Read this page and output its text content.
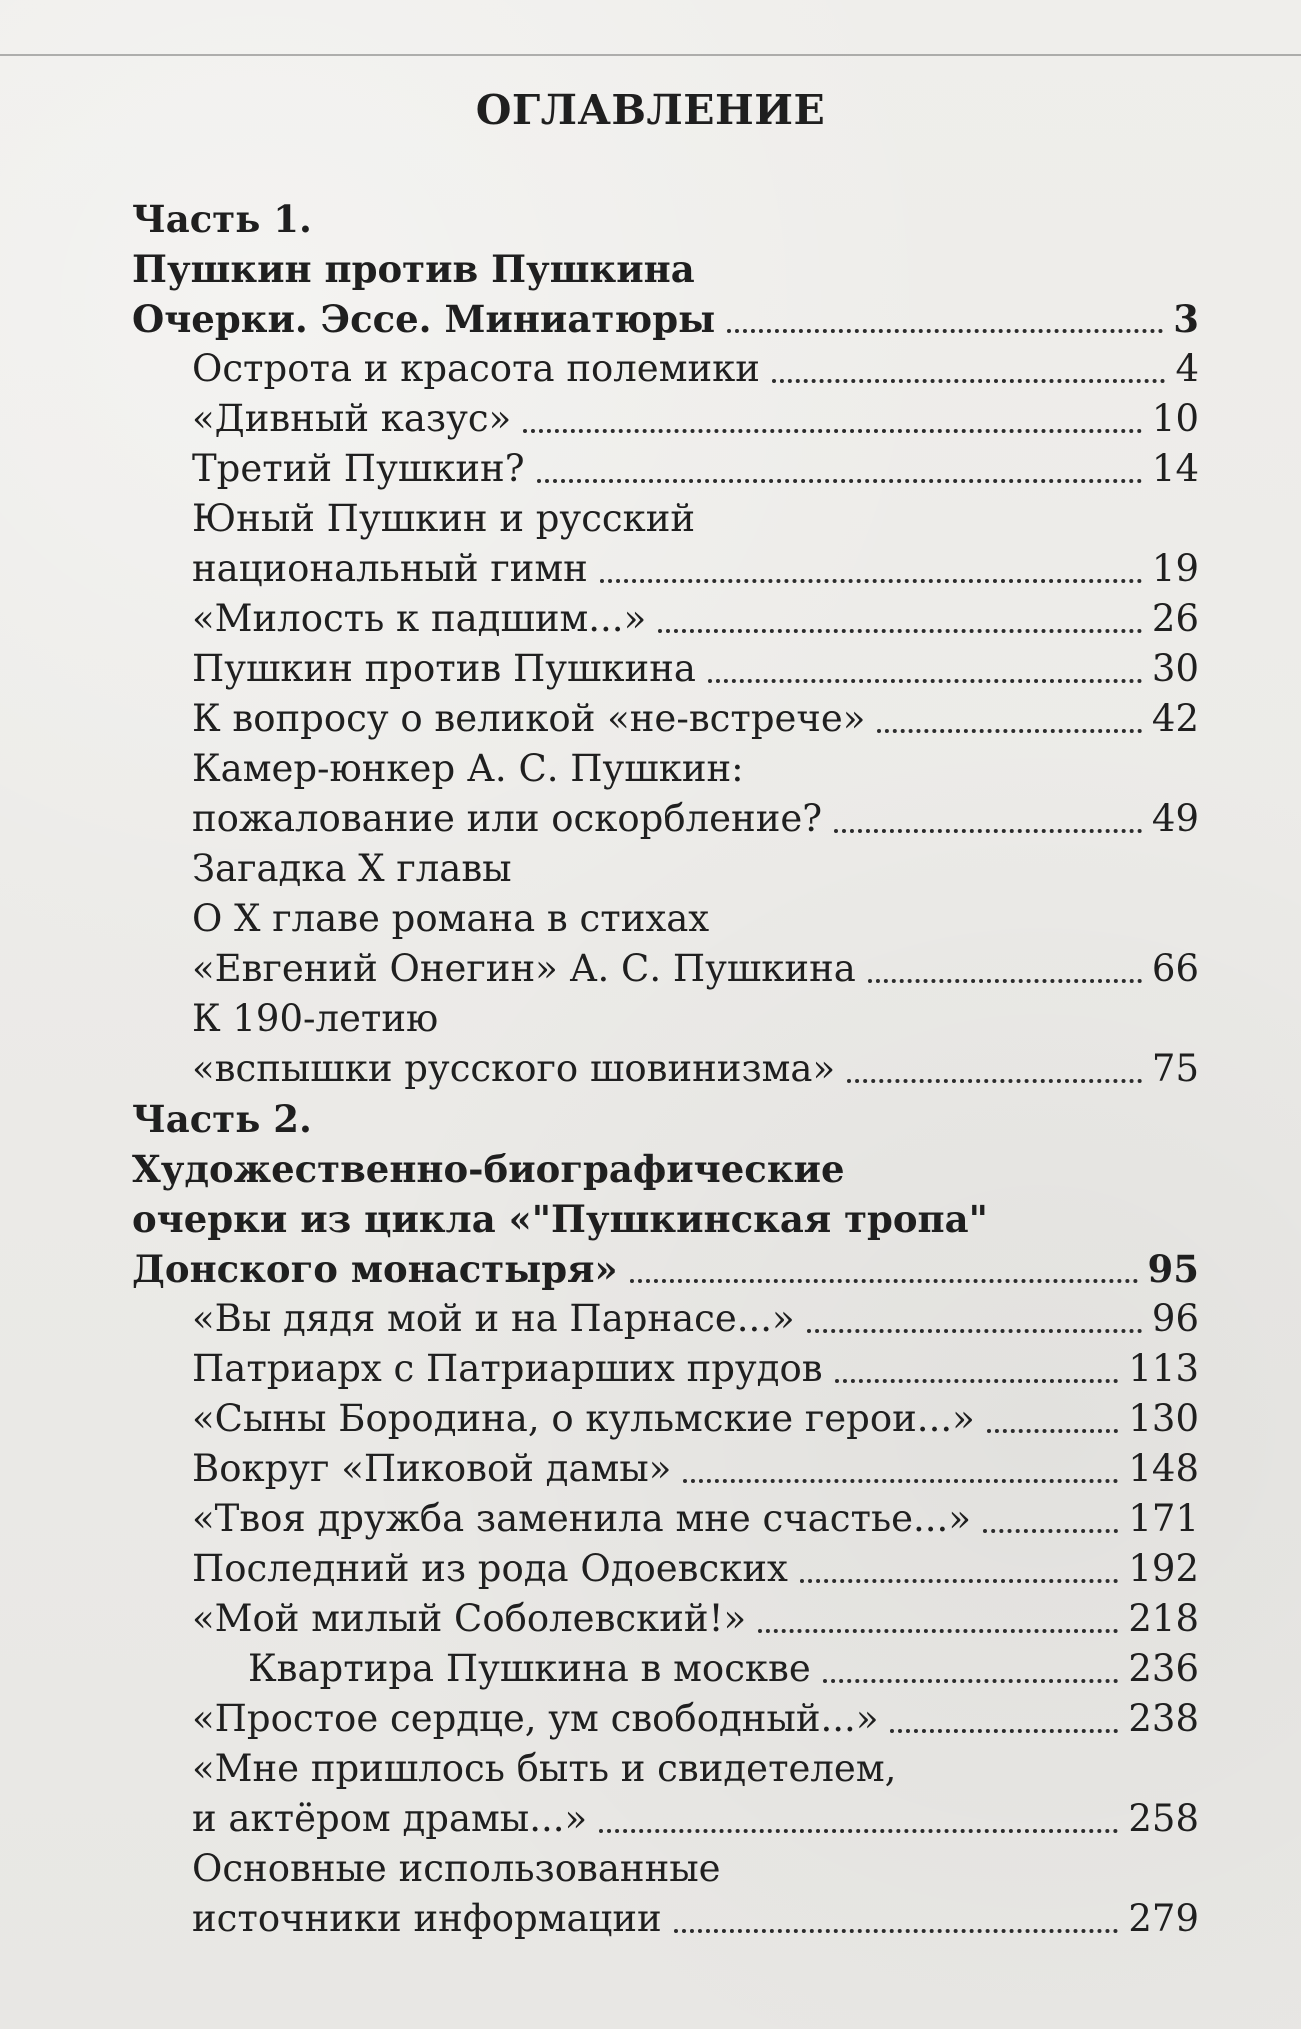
ОГЛАВЛЕНИЕ
Часть 1.
Пушкин против Пушкина
Очерки. Эссе. Миниатюры	3
Острота и красота полемики	4
«Дивный казус»	10
Третий Пушкин?	14
Юный Пушкин и русский
национальный гимн	19
«Милость к падшим...»	26
Пушкин против Пушкина	30
К вопросу о великой «не-встрече»	42
Камер-юнкер А. С. Пушкин:
пожалование или оскорбление?	49
Загадка X главы
О X главе романа в стихах
«Евгений Онегин» А. С. Пушкина	66
К 190-летию
«вспышки русского шовинизма»	75
Часть 2.
Художественно-биографические
очерки из цикла «"Пушкинская тропа"
Донского монастыря»	95
«Вы дядя мой и на Парнасе...»	96
Патриарх с Патриарших прудов	113
«Сыны Бородина, о кульмские герои...»	130
Вокруг «Пиковой дамы»	148
«Твоя дружба заменила мне счастье...»	171
Последний из рода Одоевских	192
«Мой милый Соболевский!»	218
Квартира Пушкина в москве	236
«Простое сердце, ум свободный...»	238
«Мне пришлось быть и свидетелем,
и актёром драмы...»	258
Основные использованные
источники информации	279
